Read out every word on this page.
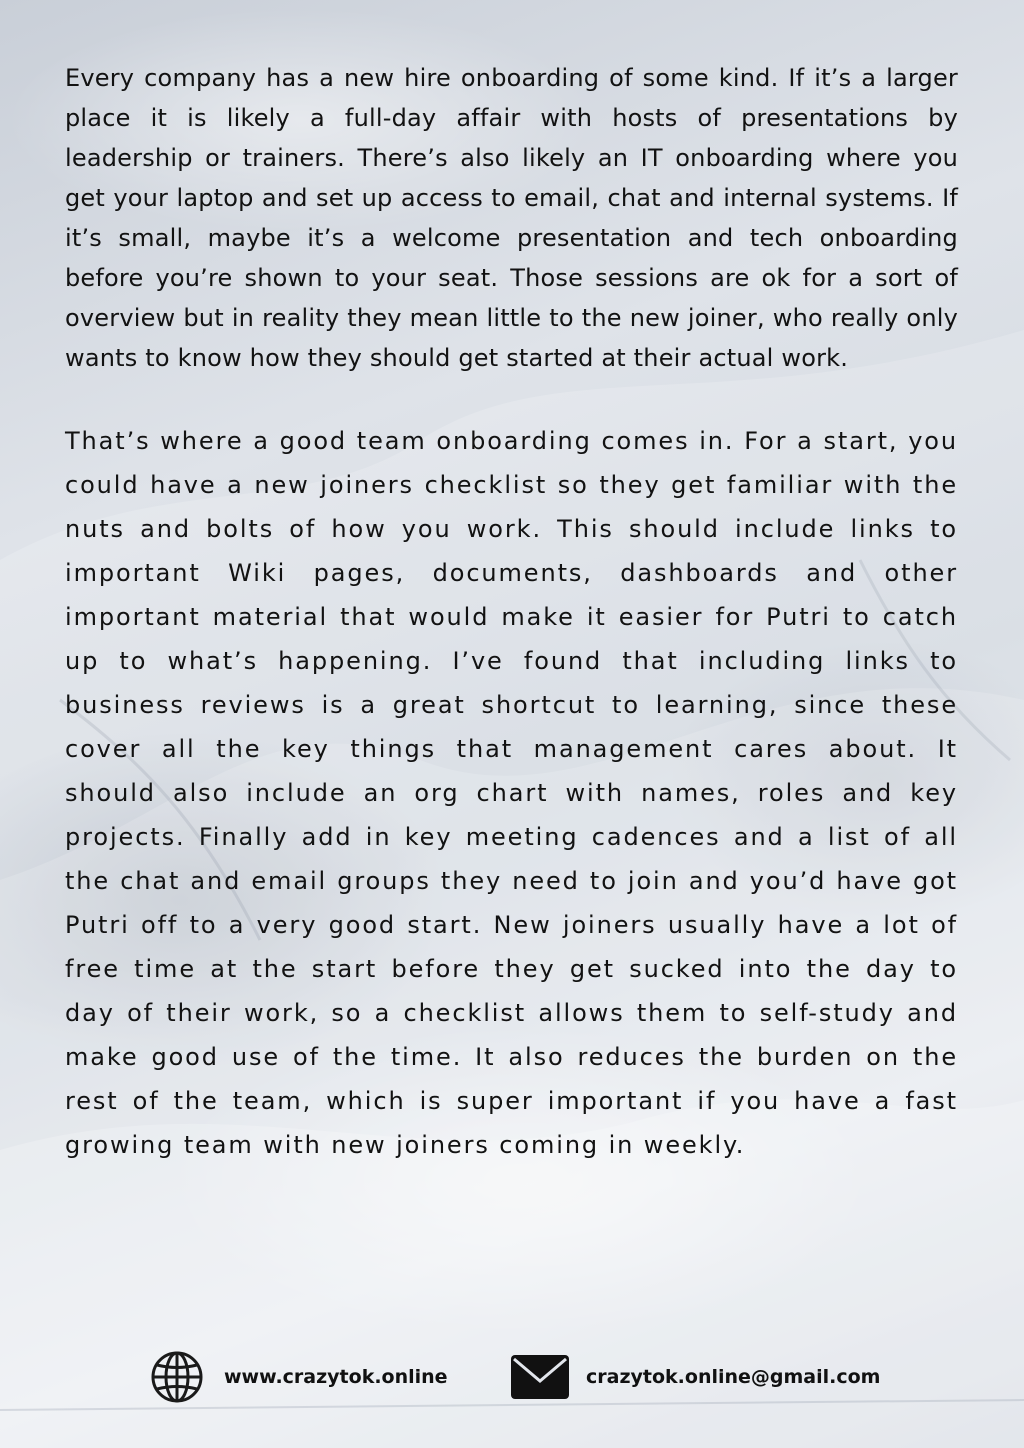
Every company has a new hire onboarding of some kind. If it’s a larger place it is likely a full-day affair with hosts of presentations by leadership or trainers. There’s also likely an IT onboarding where you get your laptop and set up access to email, chat and internal systems. If it’s small, maybe it’s a welcome presentation and tech onboarding before you’re shown to your seat. Those sessions are ok for a sort of overview but in reality they mean little to the new joiner, who really only wants to know how they should get started at their actual work.

That’s where a good team onboarding comes in. For a start, you could have a new joiners checklist so they get familiar with the nuts and bolts of how you work. This should include links to important Wiki pages, documents, dashboards and other important material that would make it easier for Putri to catch up to what’s happening. I’ve found that including links to business reviews is a great shortcut to learning, since these cover all the key things that management cares about. It should also include an org chart with names, roles and key projects. Finally add in key meeting cadences and a list of all the chat and email groups they need to join and you’d have got Putri off to a very good start. New joiners usually have a lot of free time at the start before they get sucked into the day to day of their work, so a checklist allows them to self-study and make good use of the time. It also reduces the burden on the rest of the team, which is super important if you have a fast growing team with new joiners coming in weekly.

www.crazytok.online	crazytok.online@gmail.com
